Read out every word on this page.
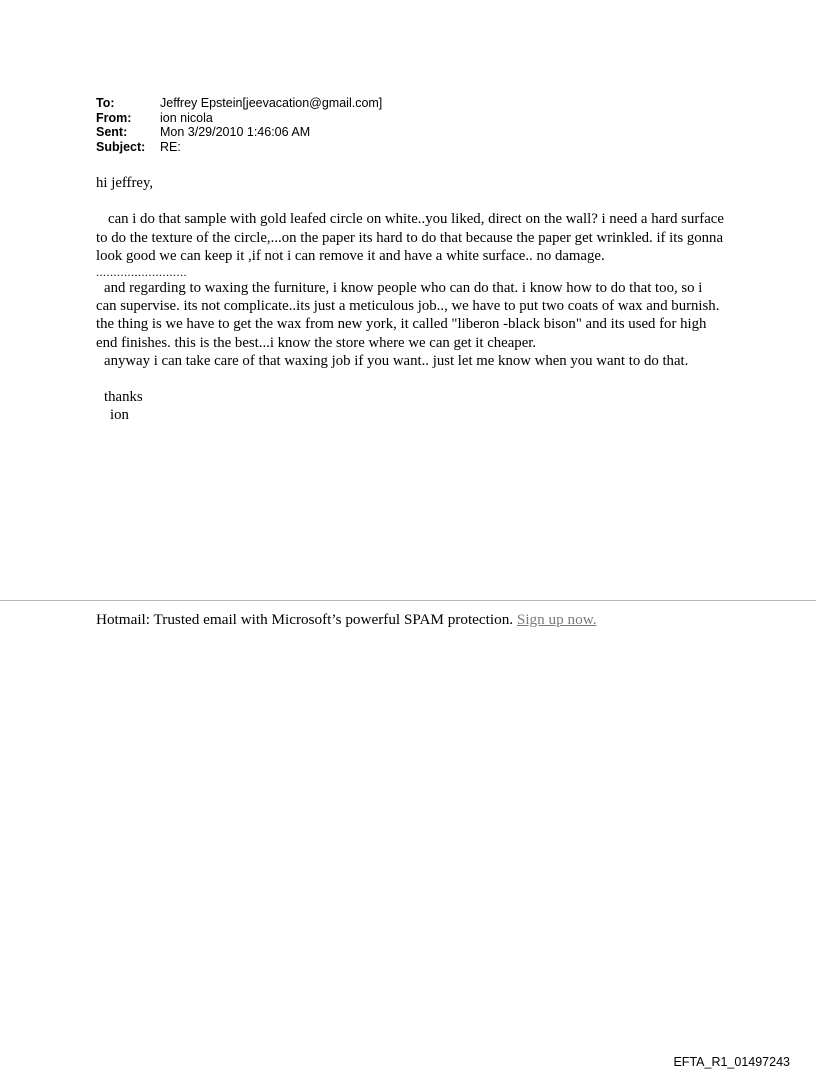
To:	Jeffrey Epstein[jeevacation@gmail.com]
From:	ion nicola
Sent:	Mon 3/29/2010 1:46:06 AM
Subject:	RE:

hi jeffrey,

can i do that sample with gold leafed circle on white..you liked, direct on the wall? i need a hard surface to do the texture of the circle,...on the paper its hard to do that because the paper get wrinkled. if its gonna look good we can keep it ,if not i can remove it and have a white surface.. no damage.

..........................

and regarding to waxing the furniture, i know people who can do that. i know how to do that too, so i can supervise. its not complicate..its just a meticulous job.., we have to put two coats of wax and burnish. the thing is we have to get the wax from new york, it called "liberon -black bison" and its used for high end finishes. this is the best...i know the store where we can get it cheaper.

anyway i can take care of that waxing job if you want.. just let me know when you want to do that.

thanks

ion

Hotmail: Trusted email with Microsoft’s powerful SPAM protection. Sign up now.
EFTA_R1_01497243
